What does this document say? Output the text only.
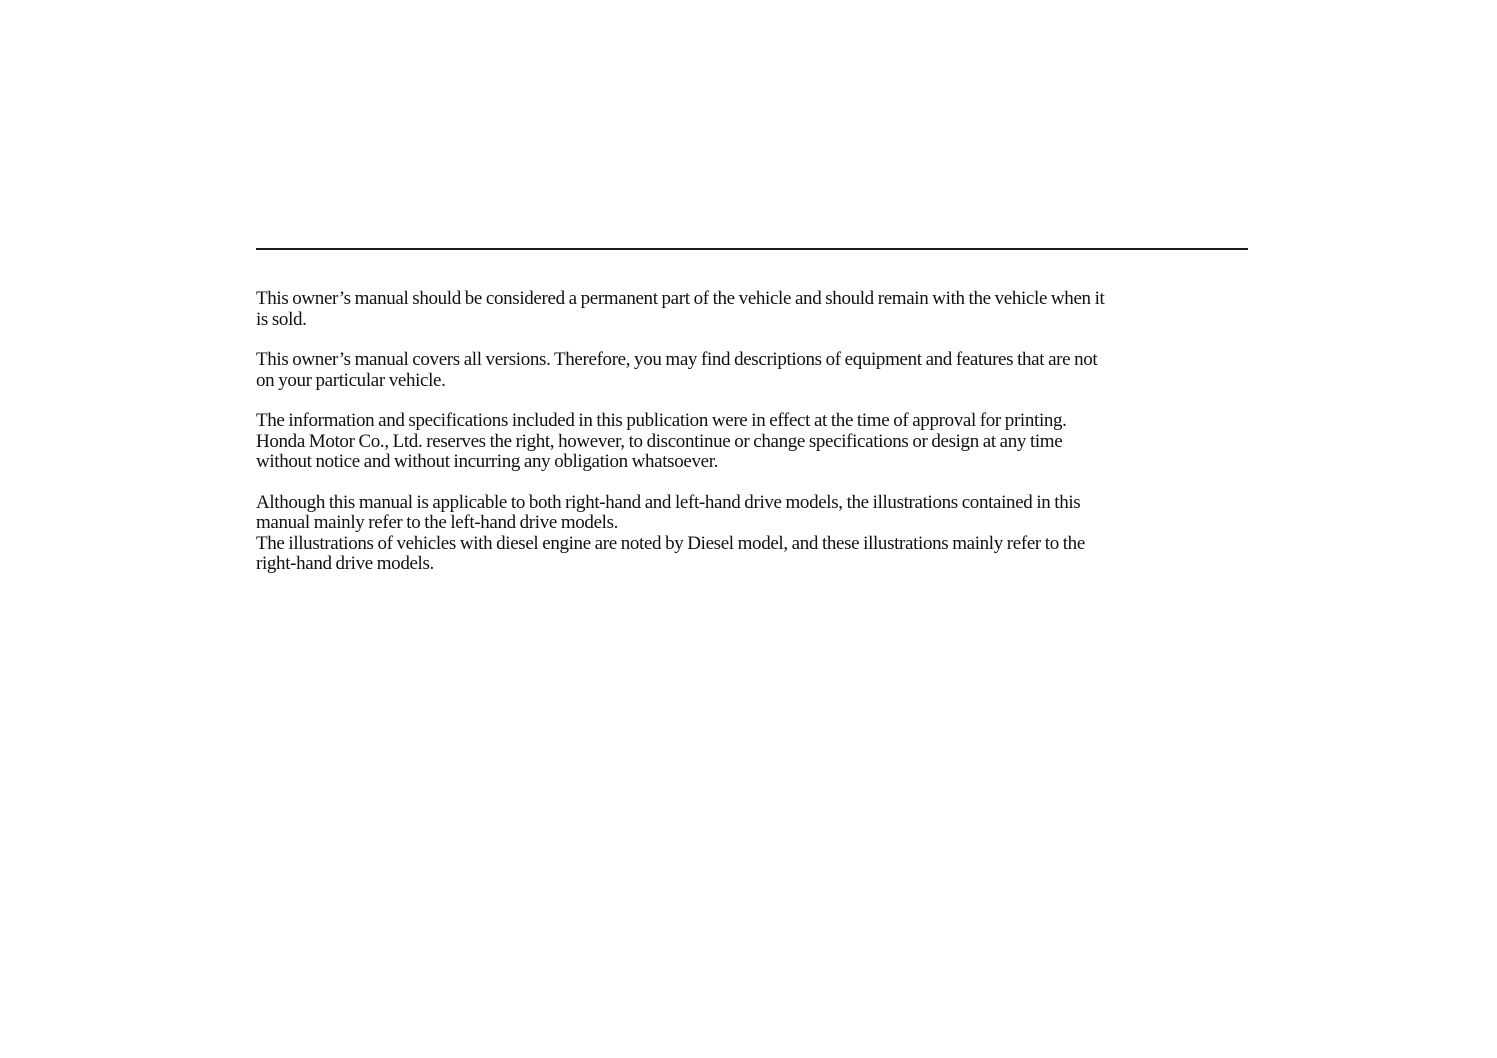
This owner’s manual should be considered a permanent part of the vehicle and should remain with the vehicle when it
is sold.

This owner’s manual covers all versions. Therefore, you may find descriptions of equipment and features that are not
on your particular vehicle.

The information and specifications included in this publication were in effect at the time of approval for printing.
Honda Motor Co., Ltd. reserves the right, however, to discontinue or change specifications or design at any time
without notice and without incurring any obligation whatsoever.

Although this manual is applicable to both right-hand and left-hand drive models, the illustrations contained in this
manual mainly refer to the left-hand drive models.
The illustrations of vehicles with diesel engine are noted by Diesel model, and these illustrations mainly refer to the
right-hand drive models.
